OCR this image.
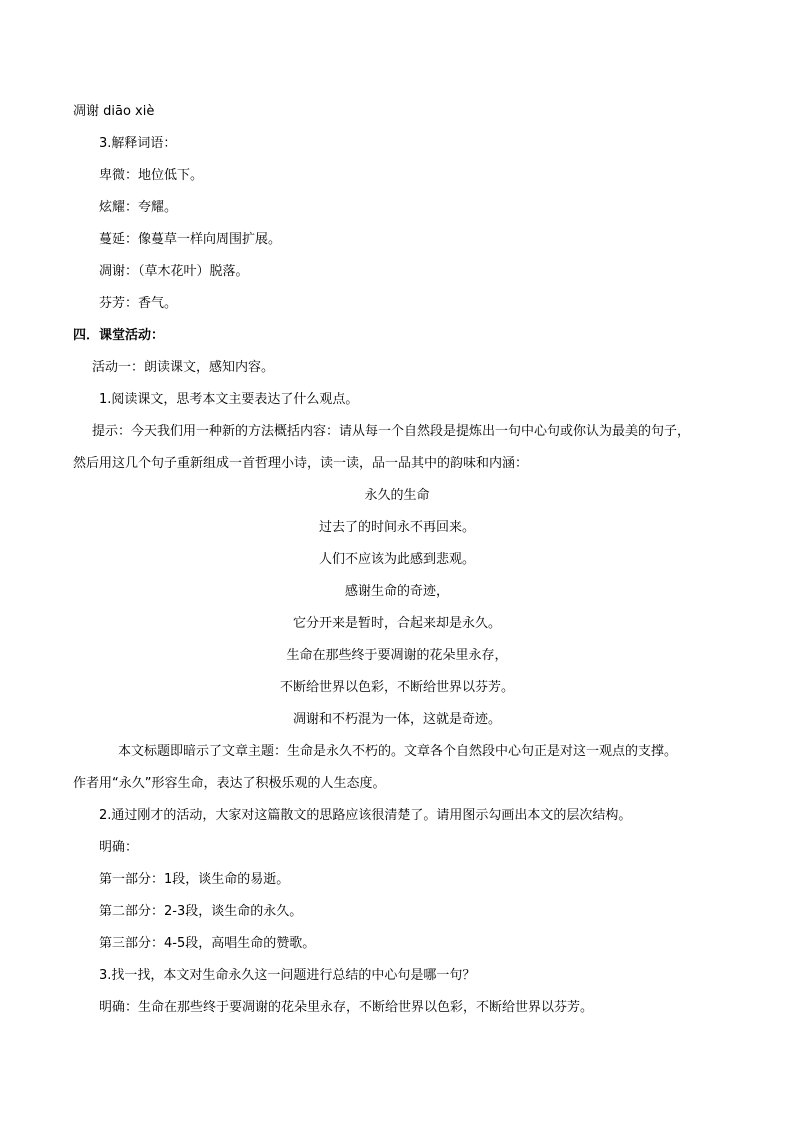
凋谢 diāo xiè
3.解释词语：
卑微：地位低下。
炫耀：夸耀。
蔓延：像蔓草一样向周围扩展。
凋谢：（草木花叶）脱落。
芬芳：香气。
四．课堂活动：
活动一：朗读课文，感知内容。
1.阅读课文，思考本文主要表达了什么观点。
提示：今天我们用一种新的方法概括内容：请从每一个自然段是提炼出一句中心句或你认为最美的句子，
然后用这几个句子重新组成一首哲理小诗，读一读，品一品其中的韵味和内涵：
永久的生命
过去了的时间永不再回来。
人们不应该为此感到悲观。
感谢生命的奇迹，
它分开来是暂时，合起来却是永久。
生命在那些终于要凋谢的花朵里永存，
不断给世界以色彩，不断给世界以芬芳。
凋谢和不朽混为一体，这就是奇迹。
本文标题即暗示了文章主题：生命是永久不朽的。文章各个自然段中心句正是对这一观点的支撑。
作者用“永久”形容生命，表达了积极乐观的人生态度。
2.通过刚才的活动，大家对这篇散文的思路应该很清楚了。请用图示勾画出本文的层次结构。
明确：
第一部分：1段，谈生命的易逝。
第二部分：2-3段，谈生命的永久。
第三部分：4-5段，高唱生命的赞歌。
3.找一找，本文对生命永久这一问题进行总结的中心句是哪一句？
明确：生命在那些终于要凋谢的花朵里永存，不断给世界以色彩，不断给世界以芬芳。
